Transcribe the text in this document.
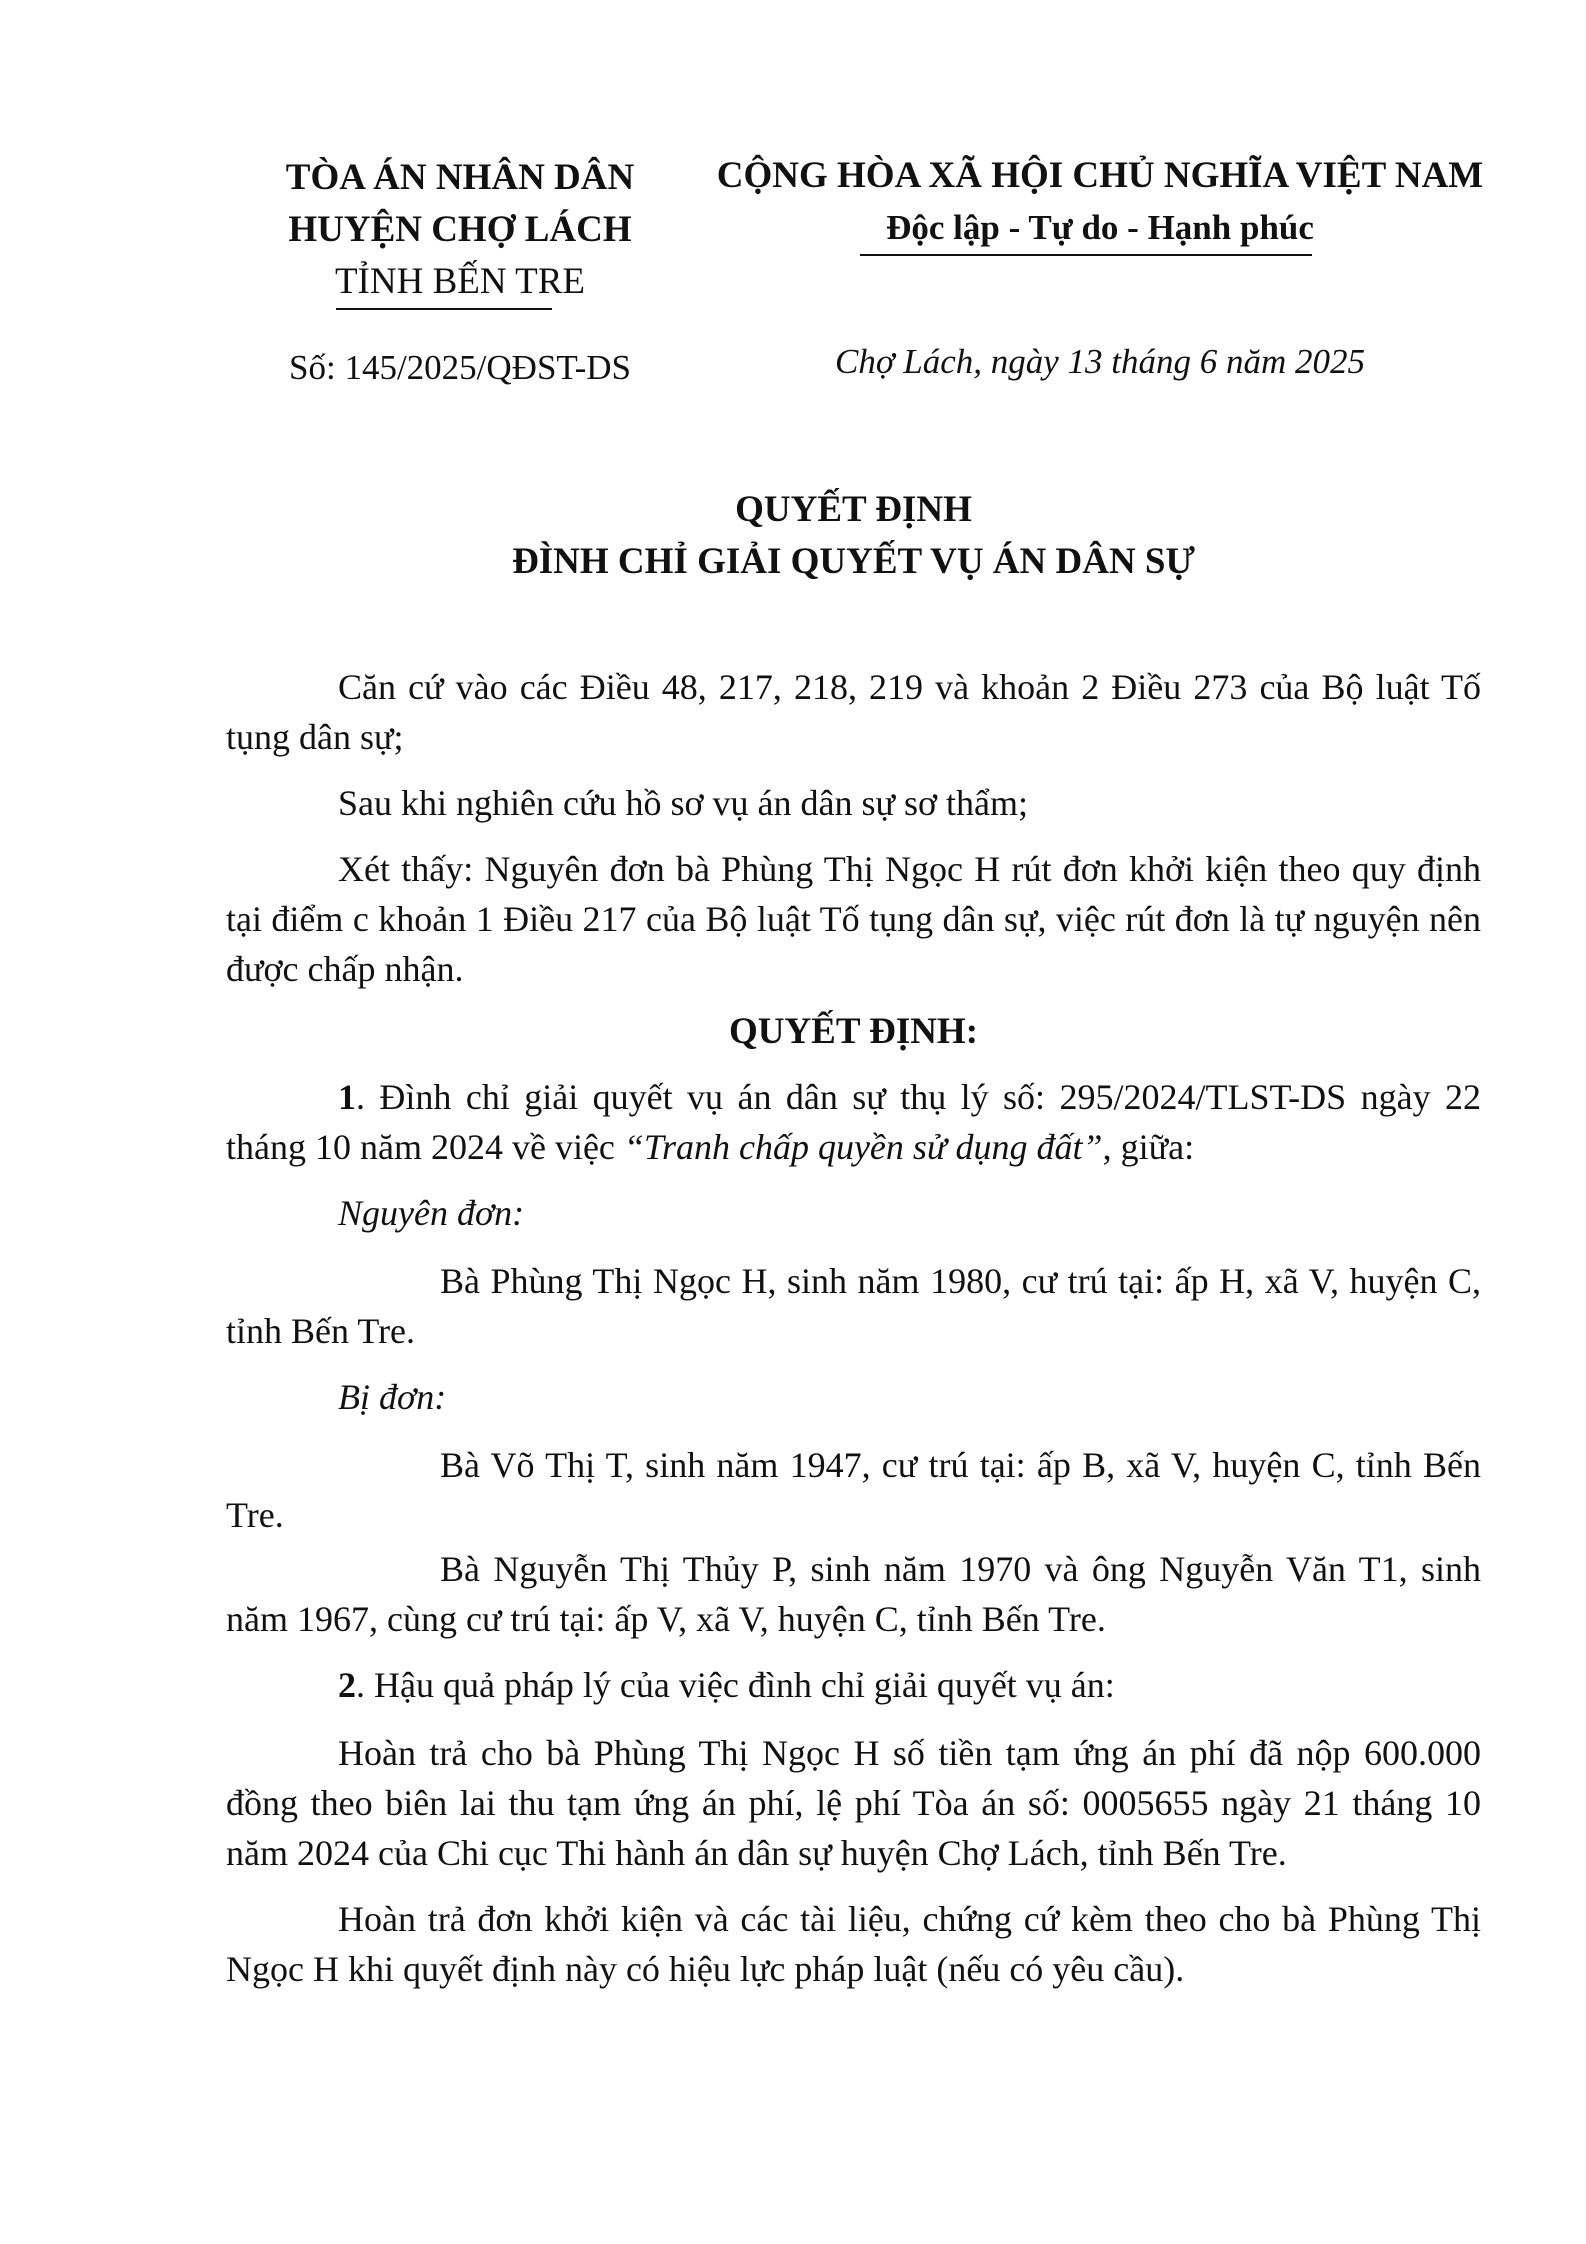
TÒA ÁN NHÂN DÂN
HUYỆN CHỢ LÁCH
TỈNH BẾN TRE
Số: 145/2025/QĐST-DS
CỘNG HÒA XÃ HỘI CHỦ NGHĨA VIỆT NAM
Độc lập - Tự do - Hạnh phúc
Chợ Lách, ngày 13 tháng 6 năm 2025
QUYẾT ĐỊNH
ĐÌNH CHỈ GIẢI QUYẾT VỤ ÁN DÂN SỰ
Căn cứ vào các Điều 48, 217, 218, 219 và khoản 2 Điều 273 của Bộ luật Tố tụng dân sự;
Sau khi nghiên cứu hồ sơ vụ án dân sự sơ thẩm;
Xét thấy: Nguyên đơn bà Phùng Thị Ngọc H rút đơn khởi kiện theo quy định tại điểm c khoản 1 Điều 217 của Bộ luật Tố tụng dân sự, việc rút đơn là tự nguyện nên được chấp nhận.
QUYẾT ĐỊNH:
1. Đình chỉ giải quyết vụ án dân sự thụ lý số: 295/2024/TLST-DS ngày 22 tháng 10 năm 2024 về việc “Tranh chấp quyền sử dụng đất”, giữa:
Nguyên đơn:
Bà Phùng Thị Ngọc H, sinh năm 1980, cư trú tại: ấp H, xã V, huyện C, tỉnh Bến Tre.
Bị đơn:
Bà Võ Thị T, sinh năm 1947, cư trú tại: ấp B, xã V, huyện C, tỉnh Bến Tre.
Bà Nguyễn Thị Thủy P, sinh năm 1970 và ông Nguyễn Văn T1, sinh năm 1967, cùng cư trú tại: ấp V, xã V, huyện C, tỉnh Bến Tre.
2. Hậu quả pháp lý của việc đình chỉ giải quyết vụ án:
Hoàn trả cho bà Phùng Thị Ngọc H số tiền tạm ứng án phí đã nộp 600.000 đồng theo biên lai thu tạm ứng án phí, lệ phí Tòa án số: 0005655 ngày 21 tháng 10 năm 2024 của Chi cục Thi hành án dân sự huyện Chợ Lách, tỉnh Bến Tre.
Hoàn trả đơn khởi kiện và các tài liệu, chứng cứ kèm theo cho bà Phùng Thị Ngọc H khi quyết định này có hiệu lực pháp luật (nếu có yêu cầu).
